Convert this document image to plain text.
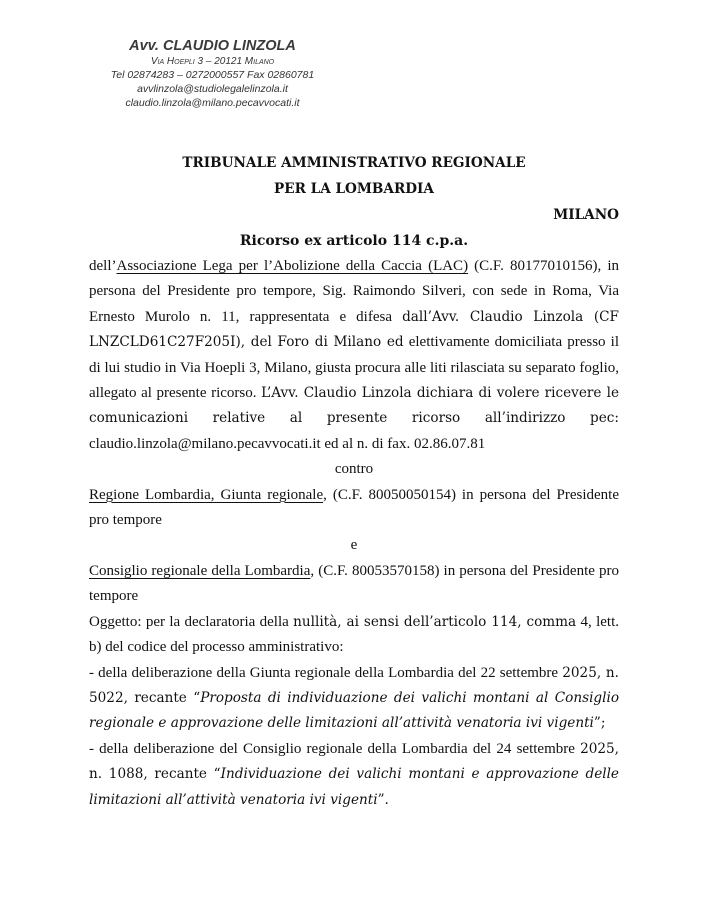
Avv. CLAUDIO LINZOLA
Via Hoepli 3 – 20121 Milano
Tel 02874283 – 0272000557 Fax 02860781
avvlinzola@studiolegalelinzola.it
claudio.linzola@milano.pecavvocati.it
TRIBUNALE AMMINISTRATIVO REGIONALE
PER LA LOMBARDIA
MILANO
Ricorso ex articolo 114 c.p.a.
dell’Associazione Lega per l’Abolizione della Caccia (LAC) (C.F. 80177010156), in persona del Presidente pro tempore, Sig. Raimondo Silveri, con sede in Roma, Via Ernesto Murolo n. 11, rappresentata e difesa dall’Avv. Claudio Linzola (CF LNZCLD61C27F205I), del Foro di Milano ed elettivamente domiciliata presso il di lui studio in Via Hoepli 3, Milano, giusta procura alle liti rilasciata su separato foglio, allegato al presente ricorso. L’Avv. Claudio Linzola dichiara di volere ricevere le comunicazioni relative al presente ricorso all’indirizzo pec: claudio.linzola@milano.pecavvocati.it ed al n. di fax. 02.86.07.81
contro
Regione Lombardia, Giunta regionale, (C.F. 80050050154) in persona del Presidente pro tempore
e
Consiglio regionale della Lombardia, (C.F. 80053570158) in persona del Presidente pro tempore
Oggetto: per la declaratoria della nullità, ai sensi dell’articolo 114, comma 4, lett. b) del codice del processo amministrativo:
- della deliberazione della Giunta regionale della Lombardia del 22 settembre 2025, n. 5022, recante “Proposta di individuazione dei valichi montani al Consiglio regionale e approvazione delle limitazioni all’attività venatoria ivi vigenti”;
- della deliberazione del Consiglio regionale della Lombardia del 24 settembre 2025, n. 1088, recante “Individuazione dei valichi montani e approvazione delle limitazioni all’attività venatoria ivi vigenti”.
